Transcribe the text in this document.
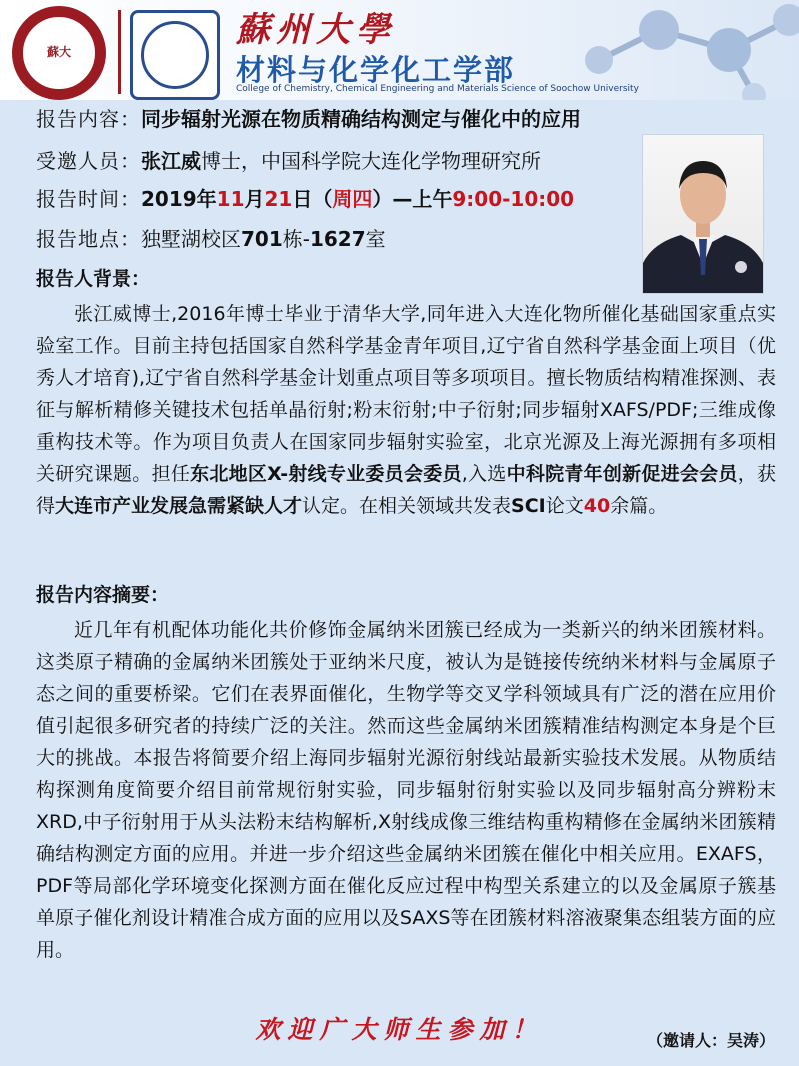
蘇大
蘇州大學
材料与化学化工学部
College of Chemistry, Chemical Engineering and Materials Science of Soochow University
报告内容：同步辐射光源在物质精确结构测定与催化中的应用
受邀人员：张江威博士，中国科学院大连化学物理研究所
报告时间：2019年11月21日（周四）—上午9:00-10:00
报告地点：独墅湖校区701栋-1627室
报告人背景：
张江威博士,2016年博士毕业于清华大学,同年进入大连化物所催化基础国家重点实验室工作。目前主持包括国家自然科学基金青年项目,辽宁省自然科学基金面上项目（优秀人才培育),辽宁省自然科学基金计划重点项目等多项项目。擅长物质结构精准探测、表征与解析精修关键技术包括单晶衍射;粉末衍射;中子衍射;同步辐射XAFS/PDF;三维成像重构技术等。作为项目负责人在国家同步辐射实验室，北京光源及上海光源拥有多项相关研究课题。担任东北地区X-射线专业委员会委员,入选中科院青年创新促进会会员，获得大连市产业发展急需紧缺人才认定。在相关领域共发表SCI论文40余篇。
报告内容摘要：
近几年有机配体功能化共价修饰金属纳米团簇已经成为一类新兴的纳米团簇材料。这类原子精确的金属纳米团簇处于亚纳米尺度，被认为是链接传统纳米材料与金属原子态之间的重要桥梁。它们在表界面催化，生物学等交叉学科领域具有广泛的潜在应用价值引起很多研究者的持续广泛的关注。然而这些金属纳米团簇精准结构测定本身是个巨大的挑战。本报告将简要介绍上海同步辐射光源衍射线站最新实验技术发展。从物质结构探测角度简要介绍目前常规衍射实验，同步辐射衍射实验以及同步辐射高分辨粉末XRD,中子衍射用于从头法粉末结构解析,X射线成像三维结构重构精修在金属纳米团簇精确结构测定方面的应用。并进一步介绍这些金属纳米团簇在催化中相关应用。EXAFS，PDF等局部化学环境变化探测方面在催化反应过程中构型关系建立的以及金属原子簇基单原子催化剂设计精准合成方面的应用以及SAXS等在团簇材料溶液聚集态组装方面的应用。
欢迎广大师生参加！	（邀请人：吴涛）
